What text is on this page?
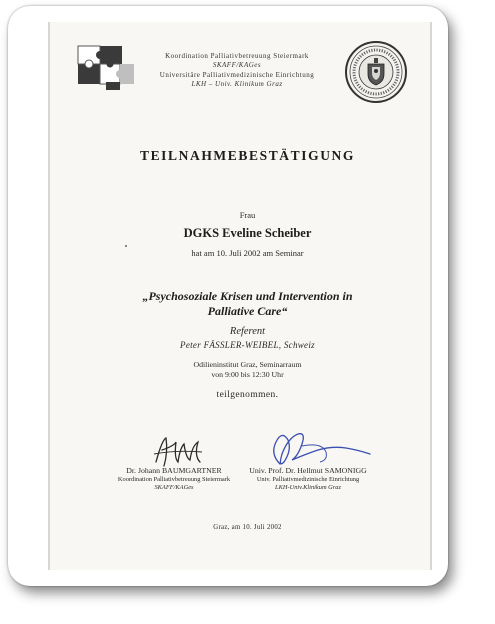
Koordination Palliativbetreuung Steiermark
SKAFF/KAGes
Universitäre Palliativmedizinische Einrichtung
LKH – Univ. Klinikum Graz
TEILNAHMEBESTÄTIGUNG
Frau
DGKS Eveline Scheiber
hat am 10. Juli 2002 am Seminar
„Psychosoziale Krisen und Intervention in
Palliative Care“
Referent
Peter FÄSSLER-WEIBEL, Schweiz
Odilieninstitut Graz, Seminarraum
von 9:00 bis 12:30 Uhr
teilgenommen.
Dr. Johann BAUMGARTNER
Koordination Palliativbetreuung Steiermark
SKAFF/KAGes
Univ. Prof. Dr. Hellmut SAMONIGG
Univ. Palliativmedizinische Einrichtung
LKH-Univ.Klinikum Graz
Graz, am 10. Juli 2002
